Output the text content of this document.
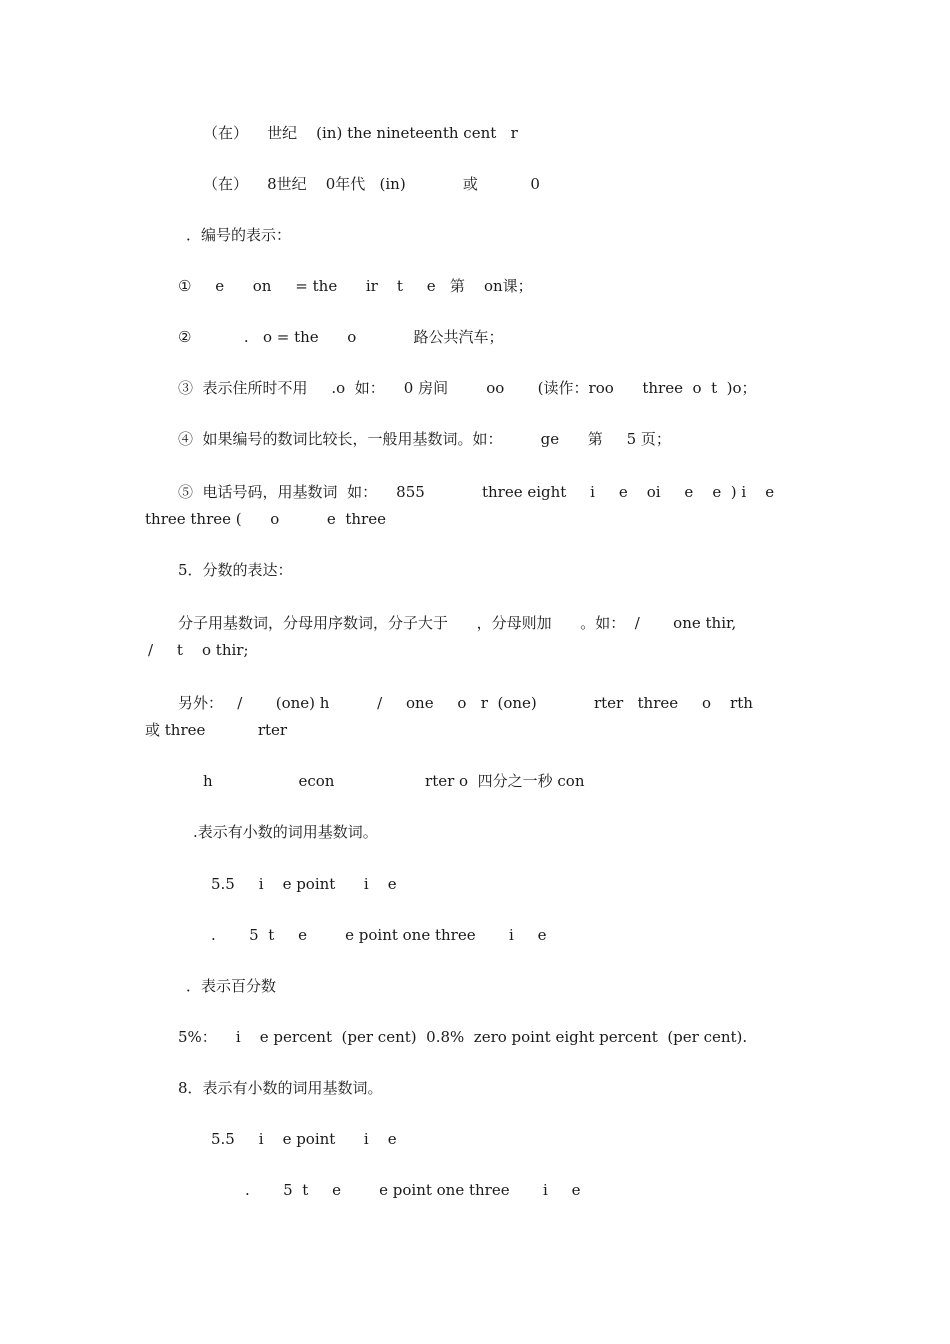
（在）    世纪    (in) the nineteenth cent   r

（在）    8世纪    0年代   (in)            或           0

．编号的表示：

①     e      on     = the      ir    t     e   第    on课；

②           .   o = the      o            路公共汽车；

③  表示住所时不用     .o  如：    0 房间        oo       (读作：roo      three  o  t  )o；

④  如果编号的数词比较长，一般用基数词。如：        ge      第     5 页；

⑤  电话号码，用基数词  如：    855            three eight     i     e    oi     e    e  ) i    e

three three (      o          e  three

5．分数的表达：

分子用基数词，分母用序数词，分子大于      ，分母则加      。如：  /       one thir,

/     t    o thir;

另外：   /       (one) h          /     one     o   r  (one)            rter   three     o    rth

或 three           rter

h                  econ                   rter o  四分之一秒 con

.表示有小数的词用基数词。

5.5     i    e point      i    e

.       5  t     e        e point one three       i     e

．表示百分数

5%：    i    e percent  (per cent)  0.8%  zero point eight percent  (per cent).

8．表示有小数的词用基数词。

5.5     i    e point      i    e

.       5  t     e        e point one three       i     e
